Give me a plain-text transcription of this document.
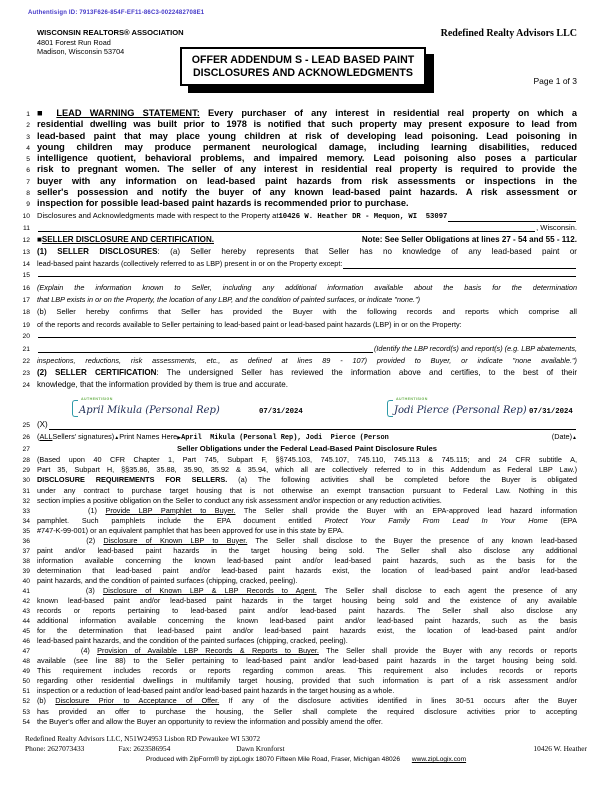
Authentisign ID: 7913F626-854F-EF11-86C3-0022482708E1
WISCONSIN REALTORS® ASSOCIATION
4801 Forest Run Road
Madison, Wisconsin 53704
Redefined Realty Advisors LLC
OFFER ADDENDUM S - LEAD BASED PAINT
DISCLOSURES AND ACKNOWLEDGMENTS
Page 1 of 3
1 ■ LEAD WARNING STATEMENT: Every purchaser of any interest in residential real property on which a
2 residential dwelling was built prior to 1978 is notified that such property may present exposure to lead from
3 lead-based paint that may place young children at risk of developing lead poisoning. Lead poisoning in
4 young children may produce permanent neurological damage, including learning disabilities, reduced
5 intelligence quotient, behavioral problems, and impaired memory. Lead poisoning also poses a particular
6 risk to pregnant women. The seller of any interest in residential real property is required to provide the
7 buyer with any information on lead-based paint hazards from risk assessments or inspections in the
8 seller's possession and notify the buyer of any known lead-based paint hazards. A risk assessment or
9 inspection for possible lead-based paint hazards is recommended prior to purchase.
10 Disclosures and Acknowledgments made with respect to the Property at 10426 W. Heather DR - Mequon, WI  53097
11	, Wisconsin.
12 ■ SELLER DISCLOSURE AND CERTIFICATION.	Note: See Seller Obligations at lines 27 - 54 and 55 - 112.
13 (1) SELLER DISCLOSURES: (a) Seller hereby represents that Seller has no knowledge of any lead-based paint or
14 lead-based paint hazards (collectively referred to as LBP) present in or on the Property except:
15
16 (Explain the information known to Seller, including any additional information available about the basis for the determination
17 that LBP exists in or on the Property, the location of any LBP, and the condition of painted surfaces, or indicate "none.")
18 (b) Seller hereby confirms that Seller has provided the Buyer with the following records and reports which comprise all
19 of the reports and records available to Seller pertaining to lead-based paint or lead-based paint hazards (LBP) in or on the Property:
20
21	(Identify the LBP record(s) and report(s) (e.g. LBP abatements,
22 inspections, reductions, risk assessments, etc., as defined at lines 89 - 107) provided to Buyer, or indicate "none available.")
23 (2) SELLER CERTIFICATION: The undersigned Seller has reviewed the information above and certifies, to the best of their
24 knowledge, that the information provided by them is true and accurate.
AUTHENTISIGN
April Mikula (Personal Rep)	07/31/2024
AUTHENTISIGN
Jodi Pierce (Personal Rep) 07/31/2024
25 (X)
26 ( ALL Sellers' signatures) ▲ Print Names Here ▶ April  Mikula (Personal Rep), Jodi  Pierce (Person	(Date) ▲
27	Seller Obligations under the Federal Lead-Based Paint Disclosure Rules
28 (Based upon 40 CFR Chapter 1, Part 745, Subpart F, §§745.103, 745.107, 745.110, 745.113 & 745.115; and 24 CFR subtitle A,
29 Part 35, Subpart H, §§35.86, 35.88, 35.90, 35.92 & 35.94, which all are collectively referred to in this Addendum as Federal LBP Law.)
30 DISCLOSURE REQUIREMENTS FOR SELLERS. (a) The following activities shall be completed before the Buyer is obligated
31 under any contract to purchase target housing that is not otherwise an exempt transaction pursuant to Federal Law. Nothing in this
32 section implies a positive obligation on the Seller to conduct any risk assessment and/or inspection or any reduction activities.
33 (1) Provide LBP Pamphlet to Buyer. The Seller shall provide the Buyer with an EPA-approved lead hazard information
34 pamphlet. Such pamphlets include the EPA document entitled Protect Your Family From Lead In Your Home (EPA
35 #747-K-99-001) or an equivalent pamphlet that has been approved for use in this state by EPA.
36 (2) Disclosure of Known LBP to Buyer. The Seller shall disclose to the Buyer the presence of any known lead-based
37 paint and/or lead-based paint hazards in the target housing being sold. The Seller shall also disclose any additional
38 information available concerning the known lead-based paint and/or lead-based paint hazards, such as the basis for the
39 determination that lead-based paint and/or lead-based paint hazards exist, the location of lead-based paint and/or lead-based
40 paint hazards, and the condition of painted surfaces (chipping, cracked, peeling).
41 (3) Disclosure of Known LBP & LBP Records to Agent. The Seller shall disclose to each agent the presence of any
42 known lead-based paint and/or lead-based paint hazards in the target housing being sold and the existence of any available
43 records or reports pertaining to lead-based paint and/or lead-based paint hazards. The Seller shall also disclose any
44 additional information available concerning the known lead-based paint and/or lead-based paint hazards, such as the basis
45 for the determination that lead-based paint and/or lead-based paint hazards exist, the location of lead-based paint and/or
46 lead-based paint hazards, and the condition of the painted surfaces (chipping, cracked, peeling).
47 (4) Provision of Available LBP Records & Reports to Buyer. The Seller shall provide the Buyer with any records or reports
48 available (see line 88) to the Seller pertaining to lead-based paint and/or lead-based paint hazards in the target housing being sold.
49 This requirement includes records or reports regarding common areas. This requirement also includes records or reports
50 regarding other residential dwellings in multifamily target housing, provided that such information is part of a risk assessment and/or
51 inspection or a reduction of lead-based paint and/or lead-based paint hazards in the target housing as a whole.
52 (b) Disclosure Prior to Acceptance of Offer. If any of the disclosure activities identified in lines 30-51 occurs after the Buyer
53 has provided an offer to purchase the housing, the Seller shall complete the required disclosure activities prior to accepting
54 the Buyer's offer and allow the Buyer an opportunity to review the information and possibly amend the offer.
Redefined Realty Advisors LLC, N51W24953 Lisbon RD Pewaukee WI 53072
Phone: 2627073433	Fax: 2623586954	Dawn Kronforst	10426 W. Heather
Produced with ZipForm® by zipLogix 18070 Fifteen Mile Road, Fraser, Michigan 48026 www.zipLogix.com
